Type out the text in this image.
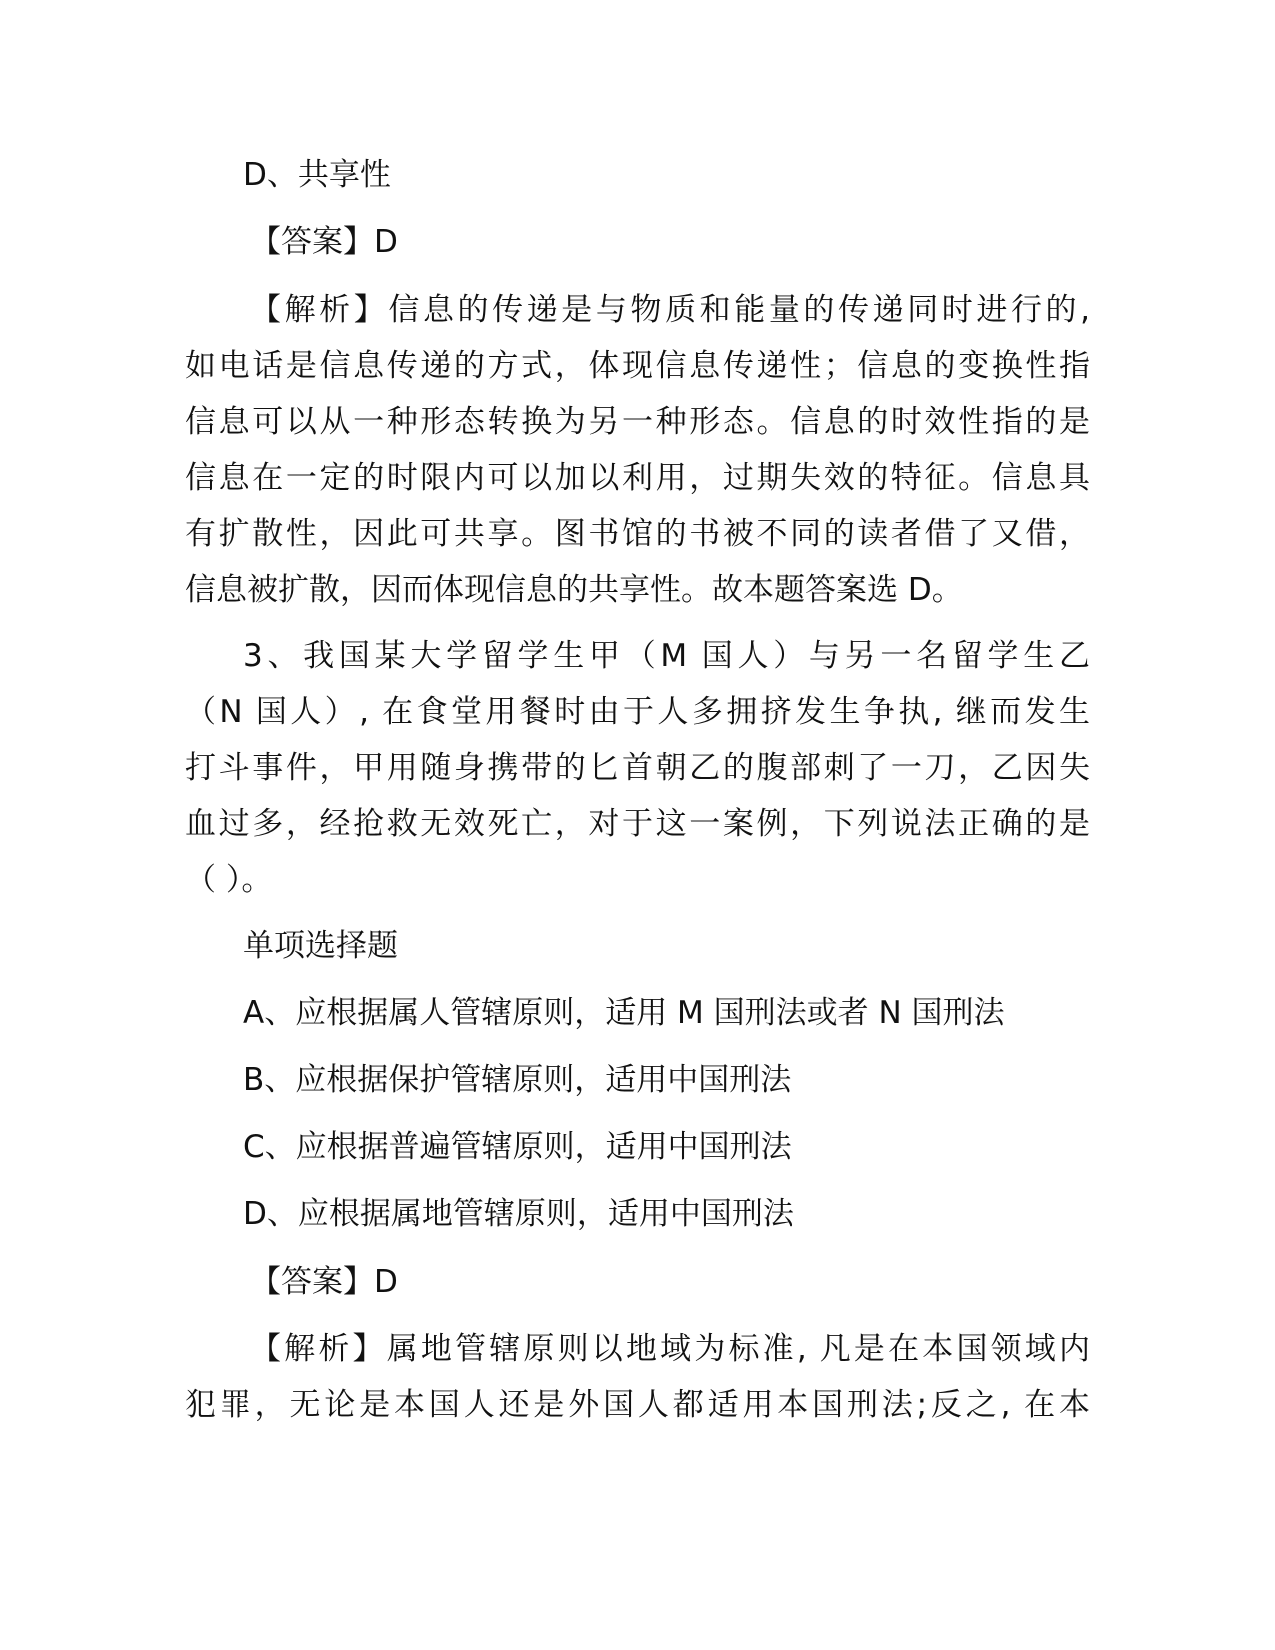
D、共享性
【答案】D
【解析】信息的传递是与物质和能量的传递同时进行的,
如电话是信息传递的方式，体现信息传递性；信息的变换性指
信息可以从一种形态转换为另一种形态。信息的时效性指的是
信息在一定的时限内可以加以利用，过期失效的特征。信息具
有扩散性，因此可共享。图书馆的书被不同的读者借了又借，
信息被扩散，因而体现信息的共享性。故本题答案选 D。
3、我国某大学留学生甲（M 国人）与另一名留学生乙
（N 国人）, 在食堂用餐时由于人多拥挤发生争执, 继而发生
打斗事件，甲用随身携带的匕首朝乙的腹部刺了一刀，乙因失
血过多，经抢救无效死亡，对于这一案例，下列说法正确的是
（ ）。
单项选择题
A、应根据属人管辖原则，适用 M 国刑法或者 N 国刑法
B、应根据保护管辖原则，适用中国刑法
C、应根据普遍管辖原则，适用中国刑法
D、应根据属地管辖原则，适用中国刑法
【答案】D
【解析】属地管辖原则以地域为标准, 凡是在本国领域内
犯罪，无论是本国人还是外国人都适用本国刑法;反之, 在本
